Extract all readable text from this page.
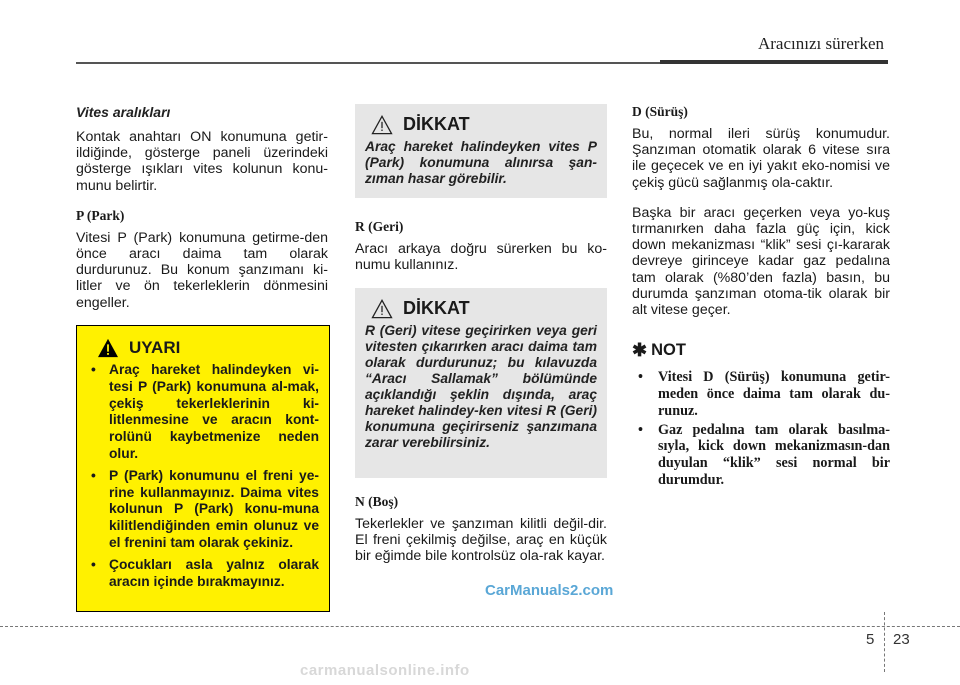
Aracınızı sürerken
Vites aralıkları
Kontak anahtarı ON konumuna getir-ildiğinde, gösterge paneli üzerindeki gösterge ışıkları vites kolunun konu-munu belirtir.
P (Park)
Vitesi P (Park) konumuna getirme-den önce aracı daima tam olarak durdurunuz. Bu konum şanzımanı ki-litler ve ön tekerleklerin dönmesini engeller.
UYARI
• Araç hareket halindeyken vi-tesi P (Park) konumuna al-mak, çekiş tekerleklerinin ki-litlenmesine ve aracın kont-rolünü kaybetmenize neden olur.
• P (Park) konumunu el freni ye-rine kullanmayınız. Daima vites kolunun P (Park) konu-muna kilitlendiğinden emin olunuz ve el frenini tam olarak çekiniz.
• Çocukları asla yalnız olarak aracın içinde bırakmayınız.
DİKKAT
Araç hareket halindeyken vites P (Park) konumuna alınırsa şan-zıman hasar görebilir.
R (Geri)
Aracı arkaya doğru sürerken bu ko-numu kullanınız.
DİKKAT
R (Geri) vitese geçirirken veya geri vitesten çıkarırken aracı daima tam olarak durdurunuz; bu kılavuzda “Aracı Sallamak” bölümünde açıklandığı şeklin dışında, araç hareket halindey-ken vitesi R (Geri) konumuna geçirirseniz şanzımana zarar verebilirsiniz.
N (Boş)
Tekerlekler ve şanzıman kilitli değil-dir. El freni çekilmiş değilse, araç en küçük bir eğimde bile kontrolsüz ola-rak kayar.
D (Sürüş)
Bu, normal ileri sürüş konumudur. Şanzıman otomatik olarak 6 vitese sıra ile geçecek ve en iyi yakıt eko-nomisi ve çekiş gücü sağlanmış ola-caktır.
Başka bir aracı geçerken veya yo-kuş tırmanırken daha fazla güç için, kick down mekanizması “klik” sesi çı-kararak devreye girinceye kadar gaz pedalına tam olarak (%80’den fazla) basın, bu durumda şanzıman otoma-tik olarak bir alt vitese geçer.
✱ NOT
• Vitesi D (Sürüş) konumuna getir-meden önce daima tam olarak du-runuz.
• Gaz pedalına tam olarak basılma-sıyla, kick down mekanizmasın-dan duyulan “klik” sesi normal bir durumdur.
CarManuals2.com
5 23
carmanualsonline.info
